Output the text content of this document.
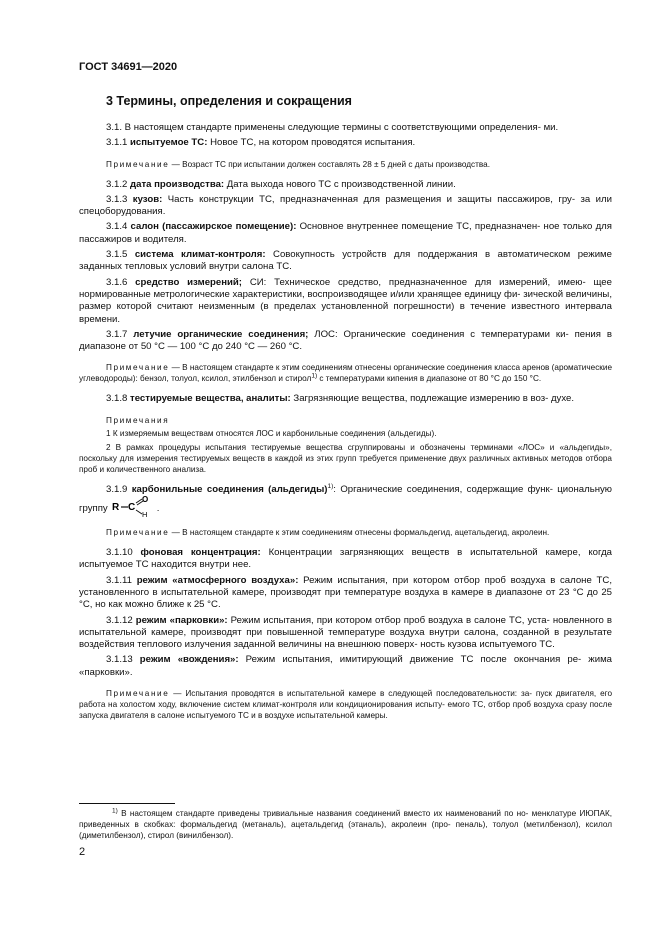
ГОСТ 34691—2020
3 Термины, определения и сокращения

3.1. В настоящем стандарте применены следующие термины с соответствующими определения- ми.

3.1.1 испытуемое ТС: Новое ТС, на котором проводятся испытания.

Примечание — Возраст ТС при испытании должен составлять 28 ± 5 дней с даты производства.

3.1.2 дата производства: Дата выхода нового ТС с производственной линии.

3.1.3 кузов: Часть конструкции ТС, предназначенная для размещения и защиты пассажиров, гру- за или спецоборудования.

3.1.4 салон (пассажирское помещение): Основное внутреннее помещение ТС, предназначен- ное только для пассажиров и водителя.

3.1.5 система климат-контроля: Совокупность устройств для поддержания в автоматическом режиме заданных тепловых условий внутри салона ТС.

3.1.6 средство измерений; СИ: Техническое средство, предназначенное для измерений, имею- щее нормированные метрологические характеристики, воспроизводящее и/или хранящее единицу фи- зической величины, размер которой считают неизменным (в пределах установленной погрешности) в течение известного интервала времени.

3.1.7 летучие органические соединения; ЛОС: Органические соединения с температурами ки- пения в диапазоне от 50 °С — 100 °С до 240 °С — 260 °С.

Примечание — В настоящем стандарте к этим соединениям отнесены органические соединения класса аренов (ароматические углеводороды): бензол, толуол, ксилол, этилбензол и стирол$^{1)}$ с температурами кипения в диапазоне от 80 °С до 150 °С.

3.1.8 тестируемые вещества, аналиты: Загрязняющие вещества, подлежащие измерению в воз- духе.

Примечания

1 К измеряемым веществам относятся ЛОС и карбонильные соединения (альдегиды).

2 В рамках процедуры испытания тестируемые вещества сгруппированы и обозначены терминами «ЛОС» и «альдегиды», поскольку для измерения тестируемых веществ в каждой из этих групп требуется применение двух различных активных методов отбора проб и количественного анализа.

3.1.9 карбонильные соединения (альдегиды)$^{1)}$: Органические соединения, содержащие функ- циональную группу R C
O
H
.

Примечание — В настоящем стандарте к этим соединениям отнесены формальдегид, ацетальдегид, акролеин.

3.1.10 фоновая концентрация: Концентрации загрязняющих веществ в испытательной камере, когда испытуемое ТС находится внутри нее.

3.1.11 режим «атмосферного воздуха»: Режим испытания, при котором отбор проб воздуха в салоне ТС, установленного в испытательной камере, производят при температуре воздуха в камере в диапазоне от 23 °С до 25 °С, но как можно ближе к 25 °С.

3.1.12 режим «парковки»: Режим испытания, при котором отбор проб воздуха в салоне ТС, уста- новленного в испытательной камере, производят при повышенной температуре воздуха внутри салона, созданной в результате воздействия теплового излучения заданной величины на внешнюю поверх- ность кузова испытуемого ТС.

3.1.13 режим «вождения»: Режим испытания, имитирующий движение ТС после окончания ре- жима «парковки».

Примечание — Испытания проводятся в испытательной камере в следующей последовательности: за- пуск двигателя, его работа на холостом ходу, включение систем климат-контроля или кондиционирования испыту- емого ТС, отбор проб воздуха сразу после запуска двигателя в салоне испытуемого ТС и в воздухе испытательной камеры.

$^{1)}$ В настоящем стандарте приведены тривиальные названия соединений вместо их наименований по но- менклатуре ИЮПАК, приведенных в скобках: формальдегид (метаналь), ацетальдегид (этаналь), акролеин (про- пеналь), толуол (метилбензол), ксилол (диметилбензол), стирол (винилбензол).
2
